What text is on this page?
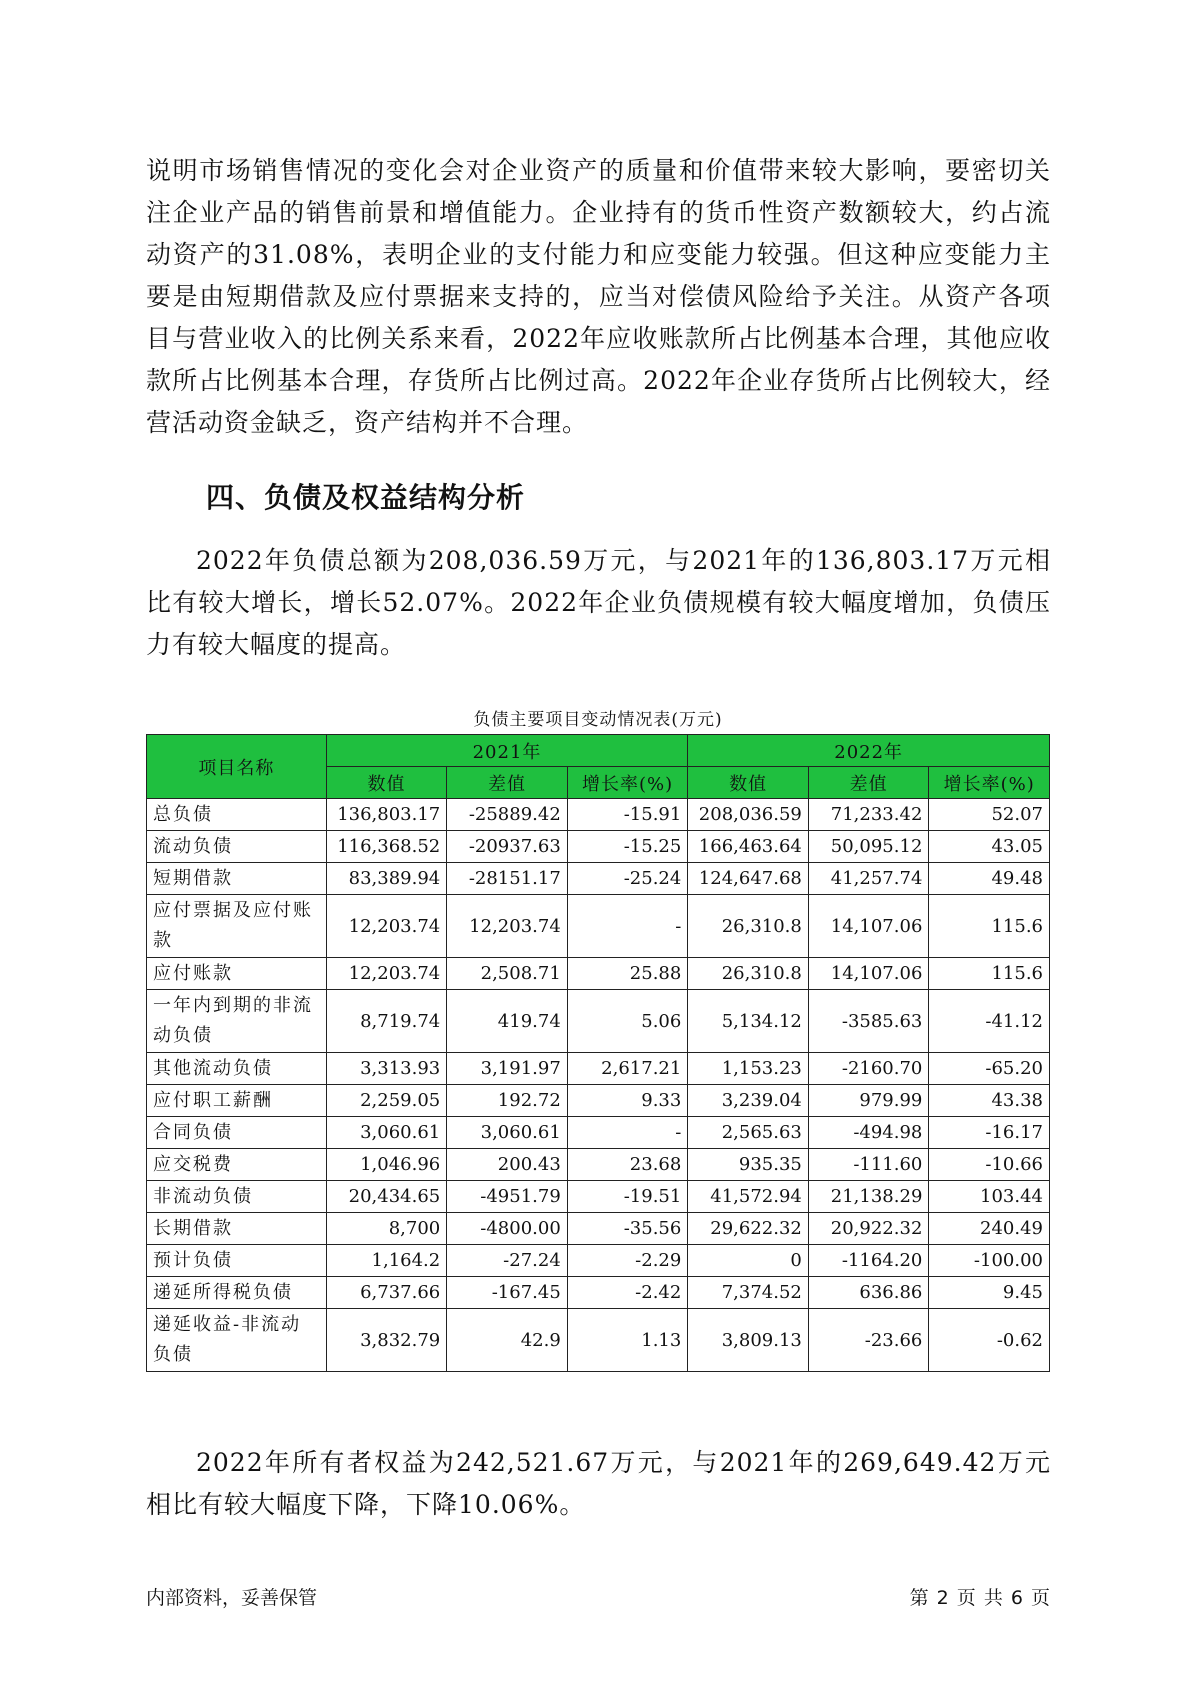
说明市场销售情况的变化会对企业资产的质量和价值带来较大影响，要密切关注企业产品的销售前景和增值能力。企业持有的货币性资产数额较大，约占流动资产的31.08%，表明企业的支付能力和应变能力较强。但这种应变能力主要是由短期借款及应付票据来支持的，应当对偿债风险给予关注。从资产各项目与营业收入的比例关系来看，2022年应收账款所占比例基本合理，其他应收款所占比例基本合理，存货所占比例过高。2022年企业存货所占比例较大，经营活动资金缺乏，资产结构并不合理。

四、负债及权益结构分析

2022年负债总额为208,036.59万元，与2021年的136,803.17万元相比有较大增长，增长52.07%。2022年企业负债规模有较大幅度增加，负债压力有较大幅度的提高。

负债主要项目变动情况表(万元)
项目名称	2021年			2022年		
	数值	差值	增长率(%)	数值	差值	增长率(%)
总负债	136,803.17	-25889.42	-15.91	208,036.59	71,233.42	52.07
流动负债	116,368.52	-20937.63	-15.25	166,463.64	50,095.12	43.05
短期借款	83,389.94	-28151.17	-25.24	124,647.68	41,257.74	49.48
应付票据及应付账款	12,203.74	12,203.74	-	26,310.8	14,107.06	115.6
应付账款	12,203.74	2,508.71	25.88	26,310.8	14,107.06	115.6
一年内到期的非流动负债	8,719.74	419.74	5.06	5,134.12	-3585.63	-41.12
其他流动负债	3,313.93	3,191.97	2,617.21	1,153.23	-2160.70	-65.20
应付职工薪酬	2,259.05	192.72	9.33	3,239.04	979.99	43.38
合同负债	3,060.61	3,060.61	-	2,565.63	-494.98	-16.17
应交税费	1,046.96	200.43	23.68	935.35	-111.60	-10.66
非流动负债	20,434.65	-4951.79	-19.51	41,572.94	21,138.29	103.44
长期借款	8,700	-4800.00	-35.56	29,622.32	20,922.32	240.49
预计负债	1,164.2	-27.24	-2.29	0	-1164.20	-100.00
递延所得税负债	6,737.66	-167.45	-2.42	7,374.52	636.86	9.45
递延收益-非流动负债	3,832.79	42.9	1.13	3,809.13	-23.66	-0.62

2022年所有者权益为242,521.67万元，与2021年的269,649.42万元相比有较大幅度下降，下降10.06%。

内部资料，妥善保管	第 2 页 共 6 页
